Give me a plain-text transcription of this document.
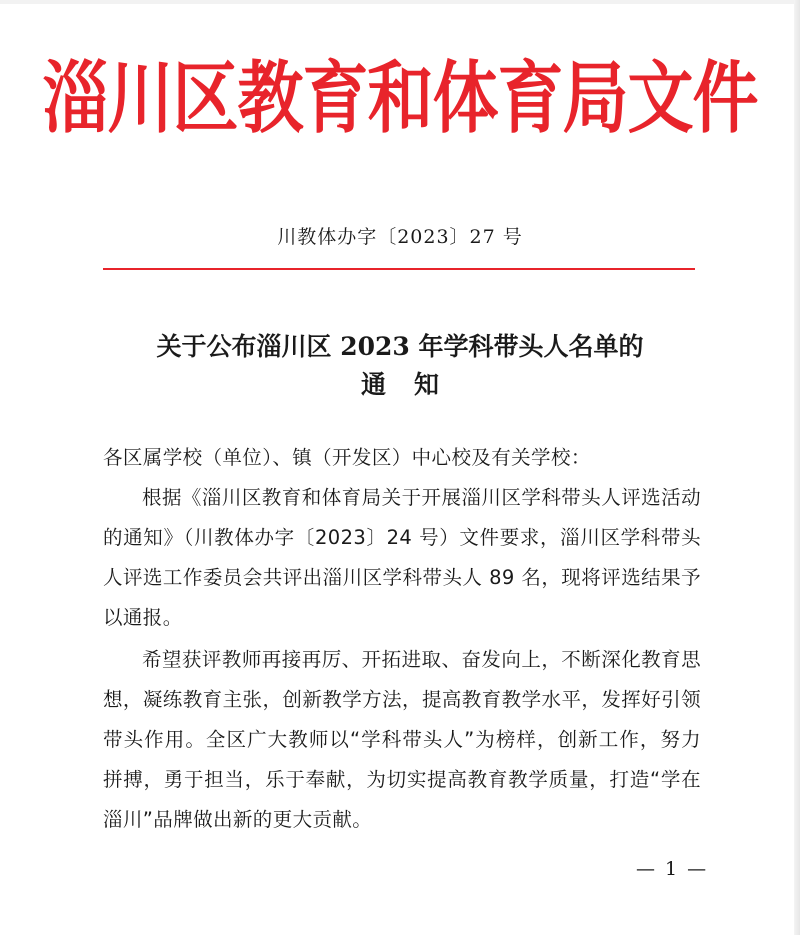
淄川区教育和体育局文件
川教体办字〔2023〕27 号
关于公布淄川区 2023 年学科带头人名单的
通知

各区属学校（单位）、镇（开发区）中心校及有关学校：

根据《淄川区教育和体育局关于开展淄川区学科带头人评选活动的通知》（川教体办字〔2023〕24 号）文件要求，淄川区学科带头人评选工作委员会共评出淄川区学科带头人 89 名，现将评选结果予以通报。

希望获评教师再接再厉、开拓进取、奋发向上，不断深化教育思想，凝练教育主张，创新教学方法，提高教育教学水平，发挥好引领带头作用。全区广大教师以“学科带头人”为榜样，创新工作，努力拼搏，勇于担当，乐于奉献，为切实提高教育教学质量，打造“学在淄川”品牌做出新的更大贡献。

— 1 —
